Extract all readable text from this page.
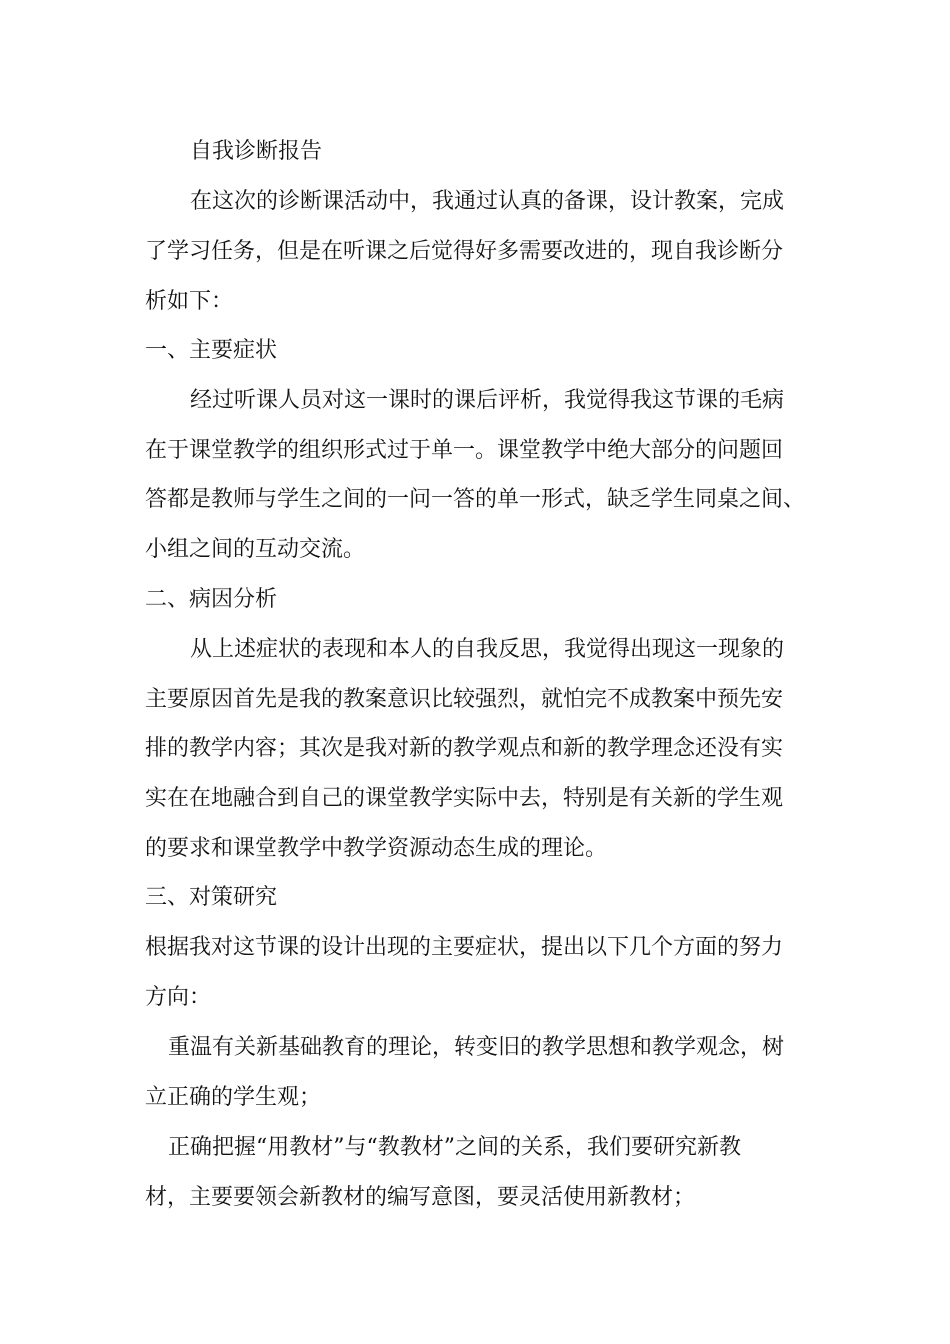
自我诊断报告
在这次的诊断课活动中，我通过认真的备课，设计教案，完成
了学习任务，但是在听课之后觉得好多需要改进的，现自我诊断分
析如下：
一、主要症状
经过听课人员对这一课时的课后评析，我觉得我这节课的毛病
在于课堂教学的组织形式过于单一。课堂教学中绝大部分的问题回
答都是教师与学生之间的一问一答的单一形式，缺乏学生同桌之间、
小组之间的互动交流。
二、病因分析
从上述症状的表现和本人的自我反思，我觉得出现这一现象的
主要原因首先是我的教案意识比较强烈，就怕完不成教案中预先安
排的教学内容；其次是我对新的教学观点和新的教学理念还没有实
实在在地融合到自己的课堂教学实际中去，特别是有关新的学生观
的要求和课堂教学中教学资源动态生成的理论。
三、对策研究
根据我对这节课的设计出现的主要症状，提出以下几个方面的努力
方向：
重温有关新基础教育的理论，转变旧的教学思想和教学观念，树
立正确的学生观；
正确把握“用教材”与“教教材”之间的关系，我们要研究新教
材，主要要领会新教材的编写意图，要灵活使用新教材；
